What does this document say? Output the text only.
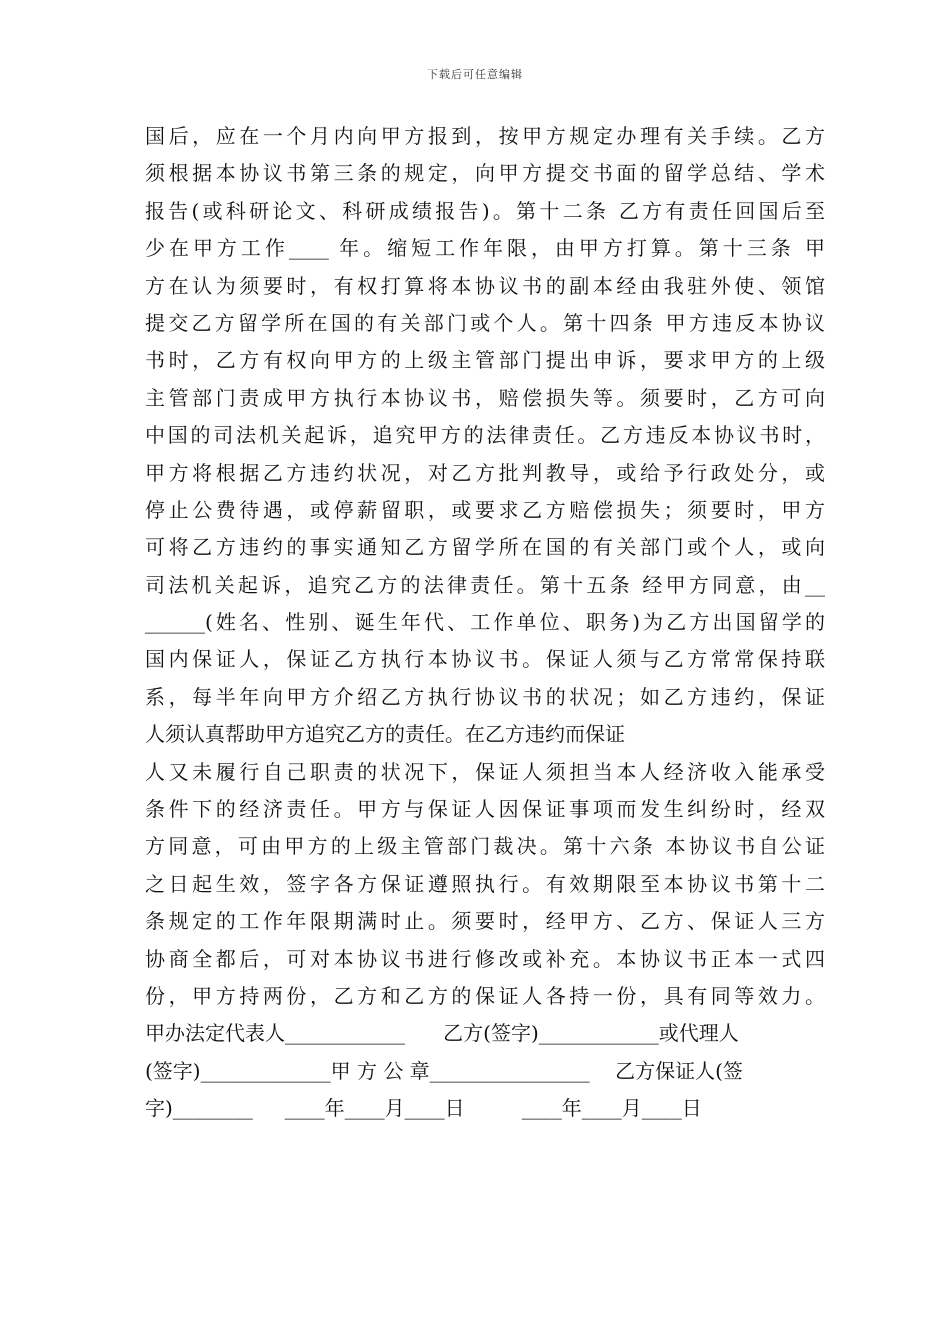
下载后可任意编辑
国后，应在一个月内向甲方报到，按甲方规定办理有关手续。乙方
须根据本协议书第三条的规定，向甲方提交书面的留学总结、学术
报告(或科研论文、科研成绩报告)。第十二条 乙方有责任回国后至
少在甲方工作____ 年。缩短工作年限，由甲方打算。第十三条 甲
方在认为须要时，有权打算将本协议书的副本经由我驻外使、领馆
提交乙方留学所在国的有关部门或个人。第十四条 甲方违反本协议
书时，乙方有权向甲方的上级主管部门提出申诉，要求甲方的上级
主管部门责成甲方执行本协议书，赔偿损失等。须要时，乙方可向
中国的司法机关起诉，追究甲方的法律责任。乙方违反本协议书时，
甲方将根据乙方违约状况，对乙方批判教导，或给予行政处分，或
停止公费待遇，或停薪留职，或要求乙方赔偿损失；须要时，甲方
可将乙方违约的事实通知乙方留学所在国的有关部门或个人，或向
司法机关起诉，追究乙方的法律责任。第十五条 经甲方同意，由__
______(姓名、性别、诞生年代、工作单位、职务)为乙方出国留学的
国内保证人，保证乙方执行本协议书。保证人须与乙方常常保持联
系，每半年向甲方介绍乙方执行协议书的状况；如乙方违约，保证
人须认真帮助甲方追究乙方的责任。在乙方违约而保证
人又未履行自己职责的状况下，保证人须担当本人经济收入能承受
条件下的经济责任。甲方与保证人因保证事项而发生纠纷时，经双
方同意，可由甲方的上级主管部门裁决。第十六条 本协议书自公证
之日起生效，签字各方保证遵照执行。有效期限至本协议书第十二
条规定的工作年限期满时止。须要时，经甲方、乙方、保证人三方
协商全都后，可对本协议书进行修改或补充。本协议书正本一式四
份，甲方持两份，乙方和乙方的保证人各持一份，具有同等效力。
甲办法定代表人____________      乙方(签字)____________或代理人
(签字)_____________甲 方 公 章________________    乙方保证人(签
字)________     ____年____月____日         ____年____月____日
